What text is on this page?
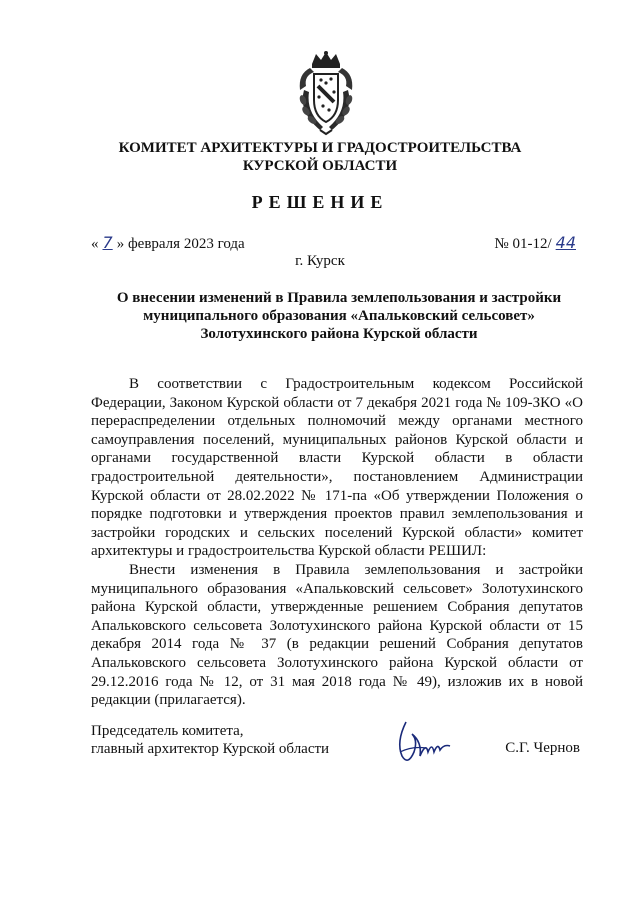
КОМИТЕТ АРХИТЕКТУРЫ И ГРАДОСТРОИТЕЛЬСТВА
КУРСКОЙ ОБЛАСТИ
РЕШЕНИЕ
« 7 » февраля 2023 года	№ 01-12/ 44
г. Курск
О внесении изменений в Правила землепользования и застройки
муниципального образования «Апальковский сельсовет»
Золотухинского района Курской области

В соответствии с Градостроительным кодексом Российской Федерации, Законом Курской области от 7 декабря 2021 года № 109-ЗКО «О перераспределении отдельных полномочий между органами местного самоуправления поселений, муниципальных районов Курской области и органами государственной власти Курской области в области градостроительной деятельности», постановлением Администрации Курской области от 28.02.2022 № 171-па «Об утверждении Положения о порядке подготовки и утверждения проектов правил землепользования и застройки городских и сельских поселений Курской области» комитет архитектуры и градостроительства Курской области РЕШИЛ:

Внести изменения в Правила землепользования и застройки муниципального образования «Апальковский сельсовет» Золотухинского района Курской области, утвержденные решением Собрания депутатов Апальковского сельсовета Золотухинского района Курской области от 15 декабря 2014 года № 37 (в редакции решений Собрания депутатов Апальковского сельсовета Золотухинского района Курской области от 29.12.2016 года № 12, от 31 мая 2018 года № 49), изложив их в новой редакции (прилагается).

Председатель комитета,
главный архитектор Курской области	С.Г. Чернов
